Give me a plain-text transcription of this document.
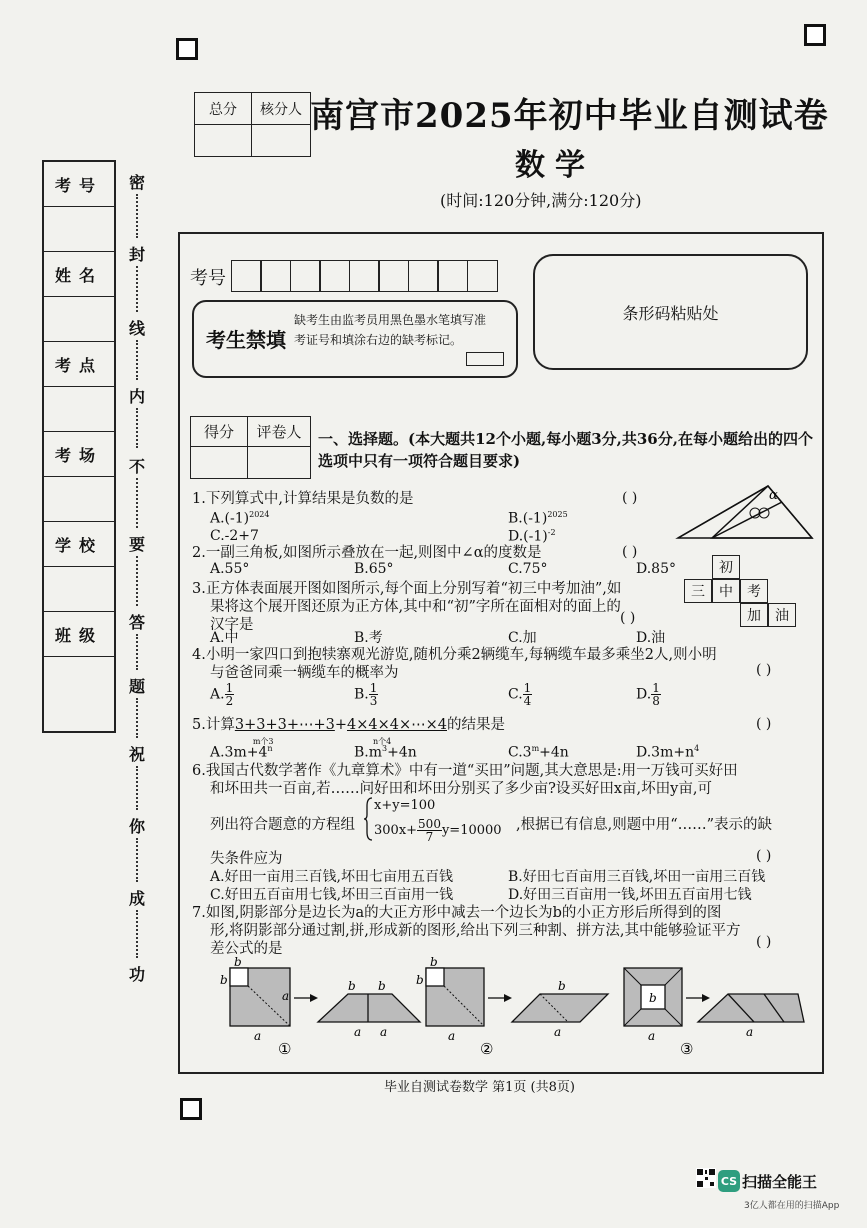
考号
姓名
考点
考场
学校
班级
密
封
线
内
不
要
答
题
祝
你
成
功
总分	核分人
	南宫市2025年初中毕业自测试卷
数学
(时间:120分钟,满分:120分)
考号
条形码粘贴处
考生禁填
缺考生由监考员用黑色墨水笔填写准考证号和填涂右边的缺考标记。
得分	评卷人
	一、选择题。(本大题共12个小题,每小题3分,共36分,在每小题给出的四个选项中只有一项符合题目要求)
1.下列算式中,计算结果是负数的是	( )
$A.(-1)^{2024}$	$B.(-1)^{2025}$
C.-2+7	$D.(-1)^{-2}$
α
2.一副三角板,如图所示叠放在一起,则图中∠α的度数是	( )
A.55°	B.65°	C.75°	D.85°	初
三	中	考
加	油
3.正方体表面展开图如图所示,每个面上分别写着“初三中考加油”,如
果将这个展开图还原为正方体,其中和“初”字所在面相对的面上的
汉字是	( )
A.中	B.考	C.加	D.油
4.小明一家四口到抱犊寨观光游览,随机分乘2辆缆车,每辆缆车最多乘坐2人,则小明
与爸爸同乘一辆缆车的概率为	( )
A. $\frac{1}{2}$	B. $\frac{1}{3}$	C. $\frac{1}{4}$	D. $\frac{1}{8}$
5.计算3+3+3+⋯+3
m个3
+4×4×4×⋯×4
n个4
的结果是	( )
$A.3m+4^n$	$B.m^3+4n$	$C.3^m+4n$	$D.3m+n^4$
6.我国古代数学著作《九章算术》中有一道“买田”问题,其大意思是:用一万钱可买好田
和坏田共一百亩,若……问好田和坏田分别买了多少亩?设买好田x亩,坏田y亩,可
列出符合题意的方程组
x+y=100
$300x+ \frac{500}{7} y=10000$ ,根据已有信息,则题中用“……”表示的缺
失条件应为	( )
A.好田一亩用三百钱,坏田七亩用五百钱	B.好田七百亩用三百钱,坏田一亩用三百钱
C.好田五百亩用七钱,坏田三百亩用一钱	D.好田三百亩用一钱,坏田五百亩用七钱
7.如图,阴影部分是边长为a的大正方形中减去一个边长为b的小正方形后所得到的图
形,将阴影部分通过割,拼,形成新的图形,给出下列三种割、拼方法,其中能够验证平方
差公式的是	( )
b
b
a
a
b b
a a
①
b
b
a	a
b
②
b
a	a
③
毕业自测试卷数学 第1页 (共8页)
CS 扫描全能王
3亿人都在用的扫描App
